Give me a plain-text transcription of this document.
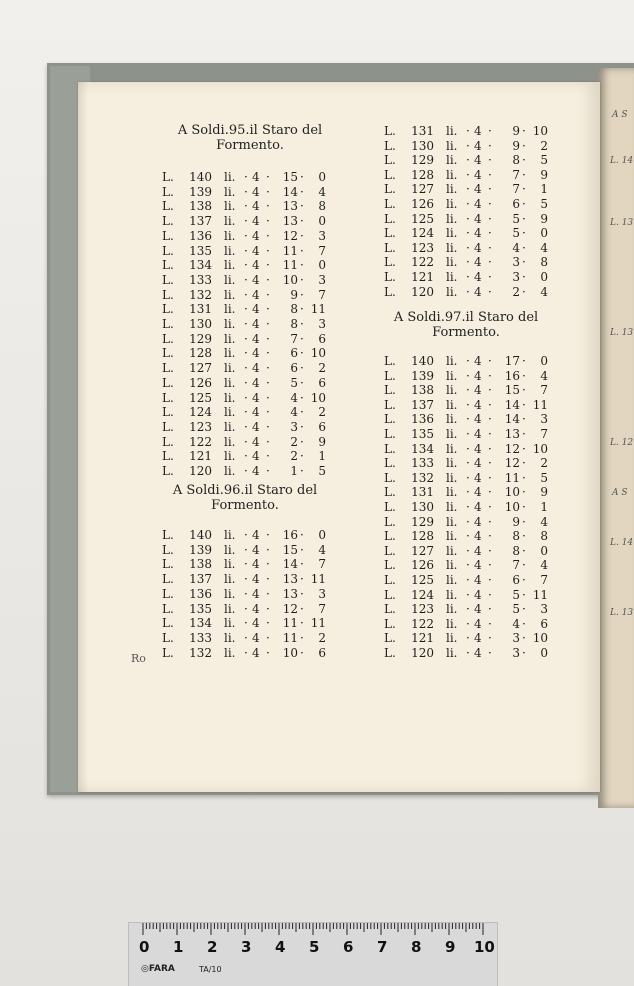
A S
L. 14
L. 13
L. 13
L. 12
A S
L. 14
L. 13
A Soldi.95.il Staro del Formento.
L.	140 li. 4	15	0
· ·	·
L.	139 li. 4	14	4
· ·	·
L.	138 li. 4	13	8
· ·	·
L.	137 li. 4	13	0
· ·	·
L.	136 li. 4	12	3
· ·	·
L.	135 li. 4	11	7
· ·	·
L.	134 li. 4	11	0
· ·	·
L.	133 li. 4	10	3
· ·	·
L.	132 li. 4	9	7
· ·	·
L.	131 li. 4	8 11
· ·	·
L.	130 li. 4	8	3
· ·	·
L.	129 li. 4	7	6
· ·	·
L.	128 li. 4	6 10
· ·	·
L.	127 li. 4	6	2
· ·	·
L.	126 li. 4	5	6
· ·	·
L.	125 li. 4	4 10
· ·	·
L.	124 li. 4	4	2
· ·	·
L.	123 li. 4	3	6
· ·	·
L.	122 li. 4	2	9
· ·	·
L.	121 li. 4	2	1
· ·	·
L.	120 li. 4	1	5
· ·	·
A Soldi.96.il Staro del Formento.
L.	140 li. 4	16	0
· ·	·
L.	139 li. 4	15	4
· ·	·
L.	138 li. 4	14	7
· ·	·
L.	137 li. 4	13 11
· ·	·
L.	136 li. 4	13	3
· ·	·
L.	135 li. 4	12	7
· ·	·
L.	134 li. 4	11 11
· ·	·
L.	133 li. 4	11	2
· ·	·
L.	132 li. 4	10	6
· ·	·
L.	131 li. 4	9 10
· ·	·
L.	130 li. 4	9	2
· ·	·
L.	129 li. 4	8	5
· ·	·
L.	128 li. 4	7	9
· ·	·
L.	127 li. 4	7	1
· ·	·
L.	126 li. 4	6	5
· ·	·
L.	125 li. 4	5	9
· ·	·
L.	124 li. 4	5	0
· ·	·
L.	123 li. 4	4	4
· ·	·
L.	122 li. 4	3	8
· ·	·
L.	121 li. 4	3	0
· ·	·
L.	120 li. 4	2	4
· ·	·
A Soldi.97.il Staro del Formento.
L.	140 li. 4	17	0
· ·	·
L.	139 li. 4	16	4
· ·	·
L.	138 li. 4	15	7
· ·	·
L.	137 li. 4	14 11
· ·	·
L.	136 li. 4	14	3
· ·	·
L.	135 li. 4	13	7
· ·	·
L.	134 li. 4	12 10
· ·	·
L.	133 li. 4	12	2
· ·	·
L.	132 li. 4	11	5
· ·	·
L.	131 li. 4	10	9
· ·	·
L.	130 li. 4	10	1
· ·	·
L.	129 li. 4	9	4
· ·	·
L.	128 li. 4	8	8
· ·	·
L.	127 li. 4	8	0
· ·	·
L.	126 li. 4	7	4
· ·	·
L.	125 li. 4	6	7
· ·	·
L.	124 li. 4	5 11
· ·	·
L.	123 li. 4	5	3
· ·	·
L.	122 li. 4	4	6
· ·	·
L.	121 li. 4	3 10
· ·	·
L.	120 li. 4	3	0
· ·	·
Ro
0 1 2 3 4 5 6 7 8 9 10
◎FARA	TA/10
